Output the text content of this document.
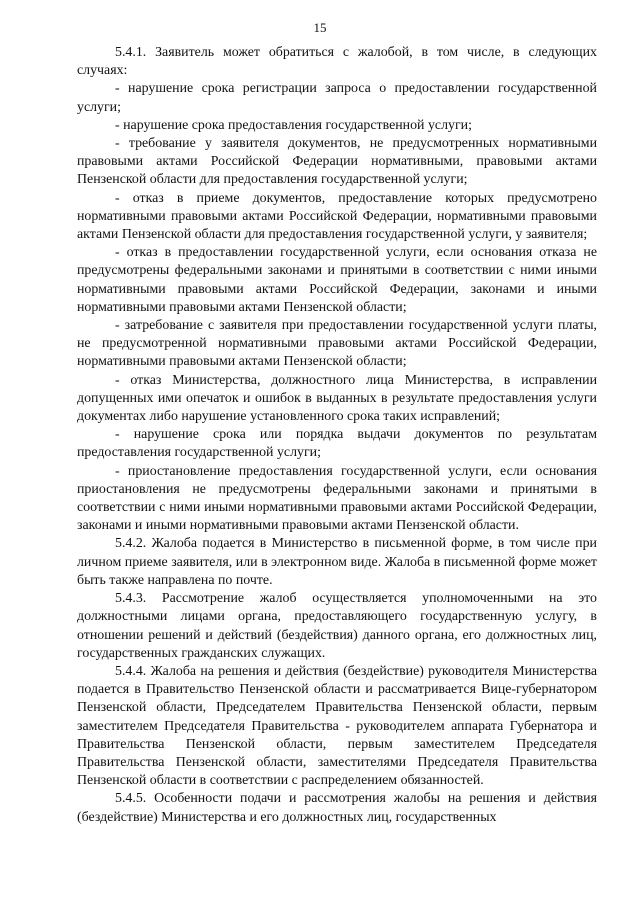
15

5.4.1. Заявитель может обратиться с жалобой, в том числе, в следующих случаях:

- нарушение срока регистрации запроса о предоставлении государственной услуги;

- нарушение срока предоставления государственной услуги;

- требование у заявителя документов, не предусмотренных нормативными правовыми актами Российской Федерации нормативными, правовыми актами Пензенской области для предоставления государственной услуги;

- отказ в приеме документов, предоставление которых предусмотрено нормативными правовыми актами Российской Федерации, нормативными правовыми актами Пензенской области для предоставления государственной услуги, у заявителя;

- отказ в предоставлении государственной услуги, если основания отказа не предусмотрены федеральными законами и принятыми в соответствии с ними иными нормативными правовыми актами Российской Федерации, законами и иными нормативными правовыми актами Пензенской области;

- затребование с заявителя при предоставлении государственной услуги платы, не предусмотренной нормативными правовыми актами Российской Федерации, нормативными правовыми актами Пензенской области;

- отказ Министерства, должностного лица Министерства, в исправлении допущенных ими опечаток и ошибок в выданных в результате предоставления услуги документах либо нарушение установленного срока таких исправлений;

- нарушение срока или порядка выдачи документов по результатам предоставления государственной услуги;

- приостановление предоставления государственной услуги, если основания приостановления не предусмотрены федеральными законами и принятыми в соответствии с ними иными нормативными правовыми актами Российской Федерации, законами и иными нормативными правовыми актами Пензенской области.

5.4.2. Жалоба подается в Министерство в письменной форме, в том числе при личном приеме заявителя, или в электронном виде. Жалоба в письменной форме может быть также направлена по почте.

5.4.3. Рассмотрение жалоб осуществляется уполномоченными на это должностными лицами органа, предоставляющего государственную услугу, в отношении решений и действий (бездействия) данного органа, его должностных лиц, государственных гражданских служащих.

5.4.4. Жалоба на решения и действия (бездействие) руководителя Министерства подается в Правительство Пензенской области и рассматривается Вице-губернатором Пензенской области, Председателем Правительства Пензенской области, первым заместителем Председателя Правительства - руководителем аппарата Губернатора и Правительства Пензенской области, первым заместителем Председателя Правительства Пензенской области, заместителями Председателя Правительства Пензенской области в соответствии с распределением обязанностей.

5.4.5. Особенности подачи и рассмотрения жалобы на решения и действия (бездействие) Министерства и его должностных лиц, государственных
